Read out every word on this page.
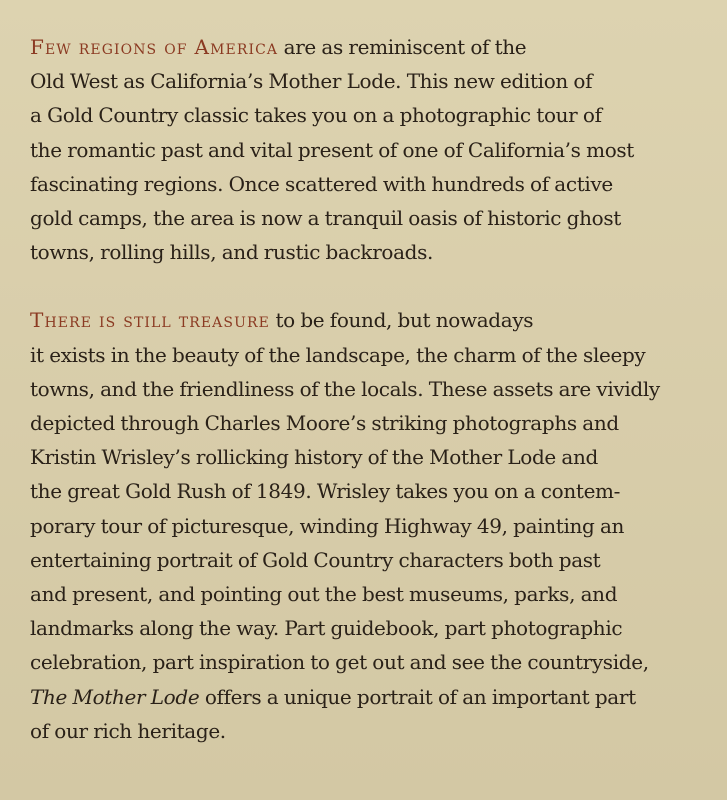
Few regions of America are as reminiscent of the
Old West as California’s Mother Lode. This new edition of
a Gold Country classic takes you on a photographic tour of
the romantic past and vital present of one of California’s most
fascinating regions. Once scattered with hundreds of active
gold camps, the area is now a tranquil oasis of historic ghost
towns, rolling hills, and rustic backroads.

There is still treasure to be found, but nowadays
it exists in the beauty of the landscape, the charm of the sleepy
towns, and the friendliness of the locals. These assets are vividly
depicted through Charles Moore’s striking photographs and
Kristin Wrisley’s rollicking history of the Mother Lode and
the great Gold Rush of 1849. Wrisley takes you on a contem-
porary tour of picturesque, winding Highway 49, painting an
entertaining portrait of Gold Country characters both past
and present, and pointing out the best museums, parks, and
landmarks along the way. Part guidebook, part photographic
celebration, part inspiration to get out and see the countryside,
The Mother Lode offers a unique portrait of an important part
of our rich heritage.
